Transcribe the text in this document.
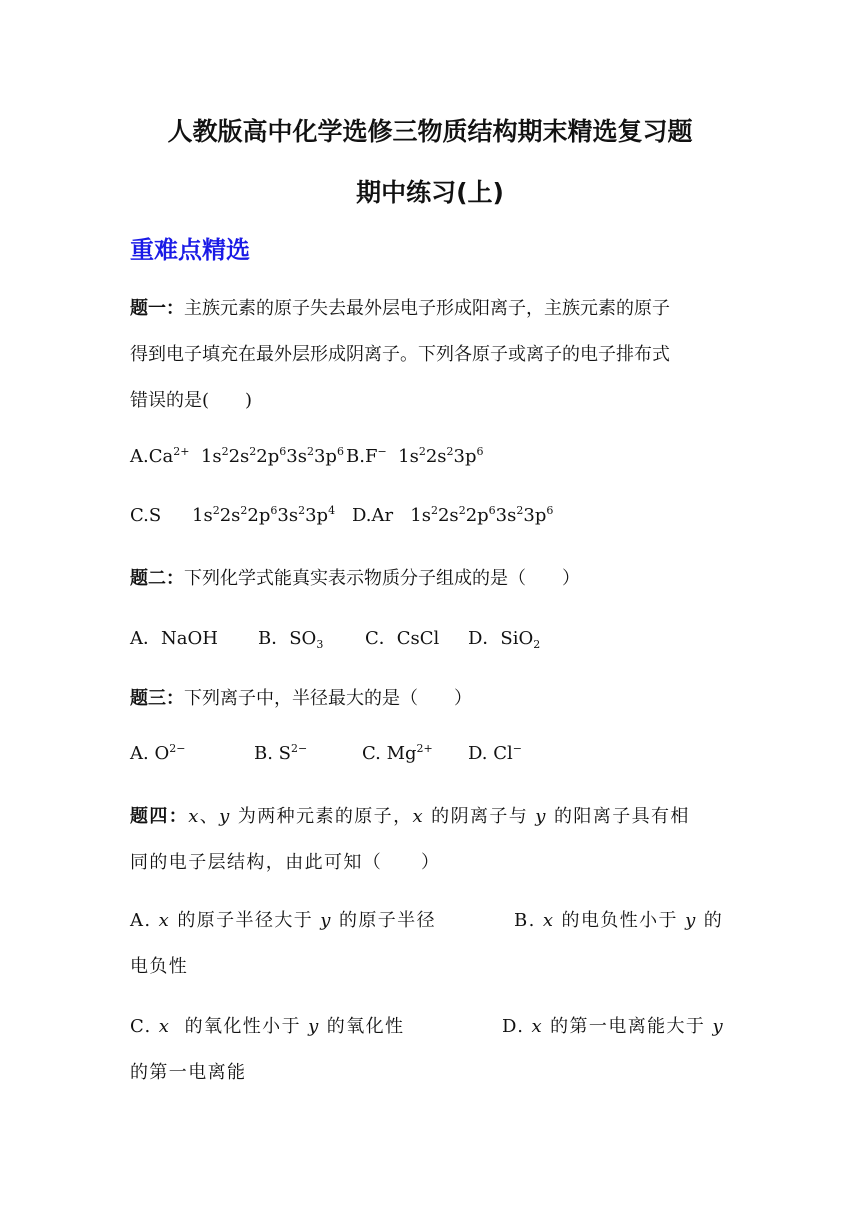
人教版高中化学选修三物质结构期末精选复习题
期中练习(上)
重难点精选
题一：主族元素的原子失去最外层电子形成阳离子，主族元素的原子
得到电子填充在最外层形成阴离子。下列各原子或离子的电子排布式
错误的是(　　)
$A.Ca^{2+}$  $1s^22s^22p^63s^23p^6$ B.F−  $1s^22s^23p^6$
C.S $1s^22s^22p^63s^23p^4$ D.Ar   $1s^22s^22p^63s^23p^6$
题二：下列化学式能真实表示物质分子组成的是（　　）
A．NaOH B．$SO_3$ C．CsCl D．SiO$_2$
题三：下列离子中，半径最大的是（　　）
A. $O^{2-}$	B. $S^{2-}$	C. $Mg^{2+}$ D. Cl−
题四：x、y 为两种元素的原子，x 的阴离子与 y 的阳离子具有相
同的电子层结构，由此可知（　　）
A. x 的原子半径大于 y 的原子半径	B. x 的电负性小于 y 的
电负性
C. x  的氧化性小于 y 的氧化性	D. x 的第一电离能大于 y
的第一电离能
